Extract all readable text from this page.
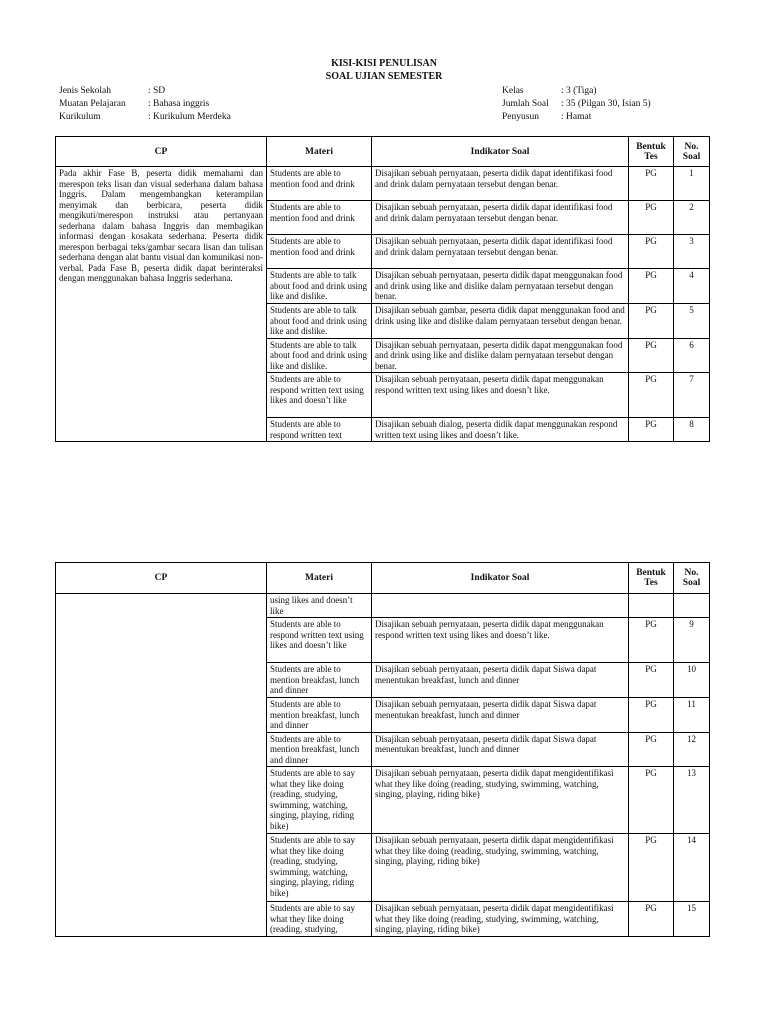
KISI-KISI PENULISAN
SOAL UJIAN SEMESTER
Jenis Sekolah	: SD
Muatan Pelajaran : Bahasa inggris
Kurikulum	: Kurikulum Merdeka
Kelas	: 3 (Tiga)
Jumlah Soal : 35 (Pilgan 30, Isian 5)
Penyusun : Hamat
CP	Materi	Indikator Soal	Bentuk Tes	No. Soal
Pada akhir Fase B, peserta didik memahami dan merespon teks lisan dan visual sederhana dalam bahasa Inggris. Dalam mengembangkan keterampilan menyimak dan berbicara, peserta didik mengikuti/merespon instruksi atau pertanyaan sederhana dalam bahasa Inggris dan membagikan informasi dengan kosakata sederhana. Peserta didik merespon berbagai teks/gambar secara lisan dan tulisan sederhana dengan alat bantu visual dan komunikasi non-verbal. Pada Fase B, peserta didik dapat berinteraksi dengan menggunakan bahasa Inggris sederhana.	Students are able to mention food and drink	Disajikan sebuah pernyataan, peserta didik dapat identifikasi food and drink dalam pernyataan tersebut dengan benar.	PG	1
	Students are able to mention food and drink	Disajikan sebuah pernyataan, peserta didik dapat identifikasi food and drink dalam pernyataan tersebut dengan benar.	PG	2
	Students are able to mention food and drink	Disajikan sebuah pernyataan, peserta didik dapat identifikasi food and drink dalam pernyataan tersebut dengan benar.	PG	3
	Students are able to talk about food and drink using like and dislike.	Disajikan sebuah pernyataan, peserta didik dapat menggunakan food and drink using like and dislike dalam pernyataan tersebut dengan benar.	PG	4
	Students are able to talk about food and drink using like and dislike.	Disajikan sebuah gambar, peserta didik dapat menggunakan food and drink using like and dislike dalam pernyataan tersebut dengan benar.	PG	5
	Students are able to talk about food and drink using like and dislike.	Disajikan sebuah pernyataan, peserta didik dapat menggunakan food and drink using like and dislike dalam pernyataan tersebut dengan benar.	PG	6
	Students are able to respond written text using likes and doesn’t like	Disajikan sebuah pernyataan, peserta didik dapat menggunakan respond written text using likes and doesn’t like.	PG	7
	Students are able to respond written text	Disajikan sebuah dialog, peserta didik dapat menggunakan respond written text using likes and doesn’t like.	PG	8
CP	Materi	Indikator Soal	Bentuk Tes	No. Soal
	using likes and doesn’t like			
	Students are able to respond written text using likes and doesn’t like	Disajikan sebuah pernyataan, peserta didik dapat menggunakan respond written text using likes and doesn’t like.	PG	9
	Students are able to mention breakfast, lunch and dinner	Disajikan sebuah pernyataan, peserta didik dapat Siswa dapat menentukan breakfast, lunch and dinner	PG	10
	Students are able to mention breakfast, lunch and dinner	Disajikan sebuah pernyataan, peserta didik dapat Siswa dapat menentukan breakfast, lunch and dinner	PG	11
	Students are able to mention breakfast, lunch and dinner	Disajikan sebuah pernyataan, peserta didik dapat Siswa dapat menentukan breakfast, lunch and dinner	PG	12
	Students are able to say what they like doing (reading, studying, swimming, watching, singing, playing, riding bike)	Disajikan sebuah pernyataan, peserta didik dapat mengidentifikasi what they like doing (reading, studying, swimming, watching, singing, playing, riding bike)	PG	13
	Students are able to say what they like doing (reading, studying, swimming, watching, singing, playing, riding bike)	Disajikan sebuah pernyataan, peserta didik dapat mengidentifikasi what they like doing (reading, studying, swimming, watching, singing, playing, riding bike)	PG	14
	Students are able to say what they like doing (reading, studying,	Disajikan sebuah pernyataan, peserta didik dapat mengidentifikasi what they like doing (reading, studying, swimming, watching, singing, playing, riding bike)	PG	15
